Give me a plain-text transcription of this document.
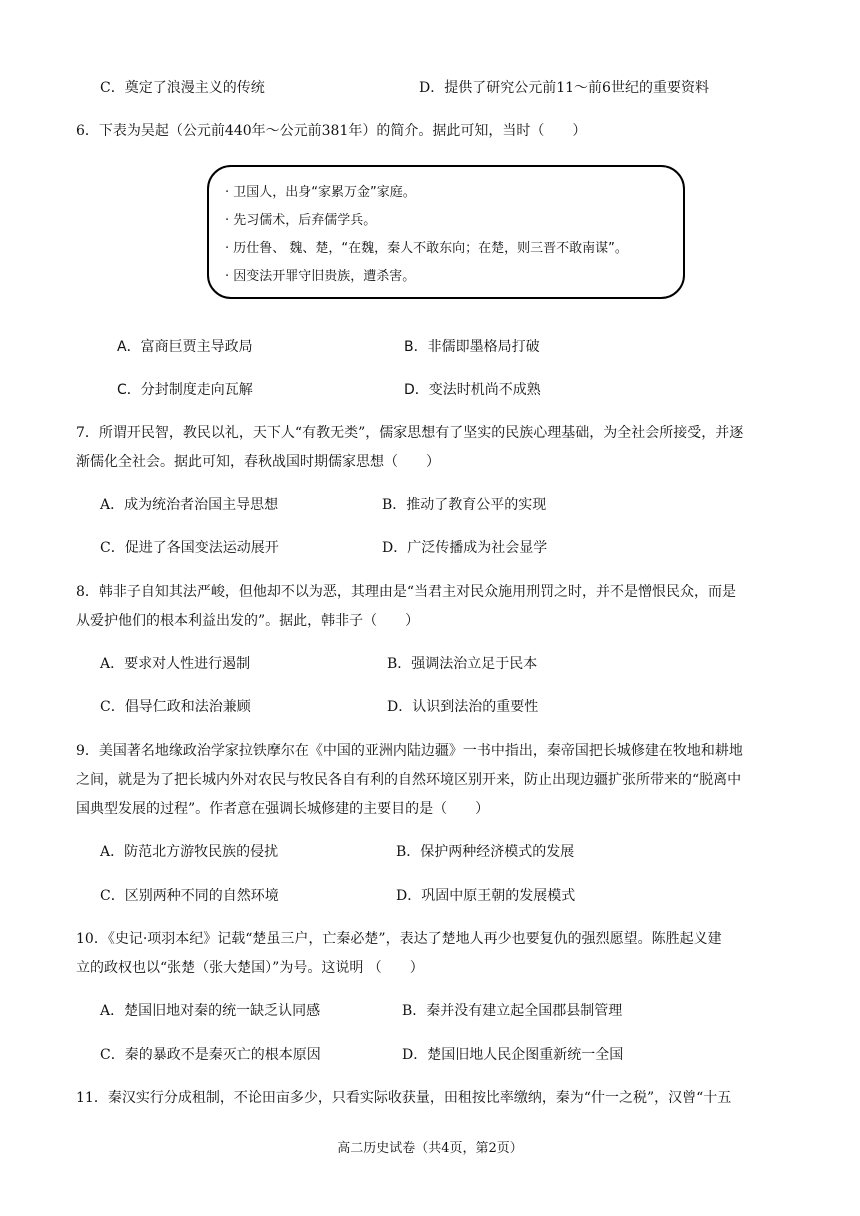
C．奠定了浪漫主义的传统	D．提供了研究公元前11～前6世纪的重要资料
6．下表为吴起（公元前440年～公元前381年）的简介。据此可知，当时（　　）
· 卫国人，出身“家累万金”家庭。
· 先习儒术，后弃儒学兵。
· 历仕鲁、 魏、楚，“在魏，秦人不敢东向；在楚，则三晋不敢南谋”。
· 因变法开罪守旧贵族，遭杀害。
A．富商巨贾主导政局	B．非儒即墨格局打破
C．分封制度走向瓦解	D．变法时机尚不成熟
7．所谓开民智，教民以礼，天下人“有教无类”，儒家思想有了坚实的民族心理基础，为全社会所接受，并逐
渐儒化全社会。据此可知，春秋战国时期儒家思想（　　）
A．成为统治者治国主导思想	B．推动了教育公平的实现
C．促进了各国变法运动展开	D．广泛传播成为社会显学
8．韩非子自知其法严峻，但他却不以为恶，其理由是“当君主对民众施用刑罚之时，并不是憎恨民众，而是
从爱护他们的根本利益出发的”。据此，韩非子（　　）
A．要求对人性进行遏制	B．强调法治立足于民本
C．倡导仁政和法治兼顾	D．认识到法治的重要性
9．美国著名地缘政治学家拉铁摩尔在《中国的亚洲内陆边疆》一书中指出，秦帝国把长城修建在牧地和耕地
之间，就是为了把长城内外对农民与牧民各自有利的自然环境区别开来，防止出现边疆扩张所带来的“脱离中
国典型发展的过程”。作者意在强调长城修建的主要目的是（　　）
A．防范北方游牧民族的侵扰	B．保护两种经济模式的发展
C．区别两种不同的自然环境	D．巩固中原王朝的发展模式
10．《史记·项羽本纪》记载“楚虽三户，亡秦必楚”，表达了楚地人再少也要复仇的强烈愿望。陈胜起义建
立的政权也以“张楚（张大楚国）”为号。这说明 （　　）
A．楚国旧地对秦的统一缺乏认同感	B．秦并没有建立起全国郡县制管理
C．秦的暴政不是秦灭亡的根本原因	D．楚国旧地人民企图重新统一全国
11．秦汉实行分成租制，不论田亩多少，只看实际收获量，田租按比率缴纳，秦为“什一之税”，汉曾“十五
高二历史试卷（共4页，第2页）
